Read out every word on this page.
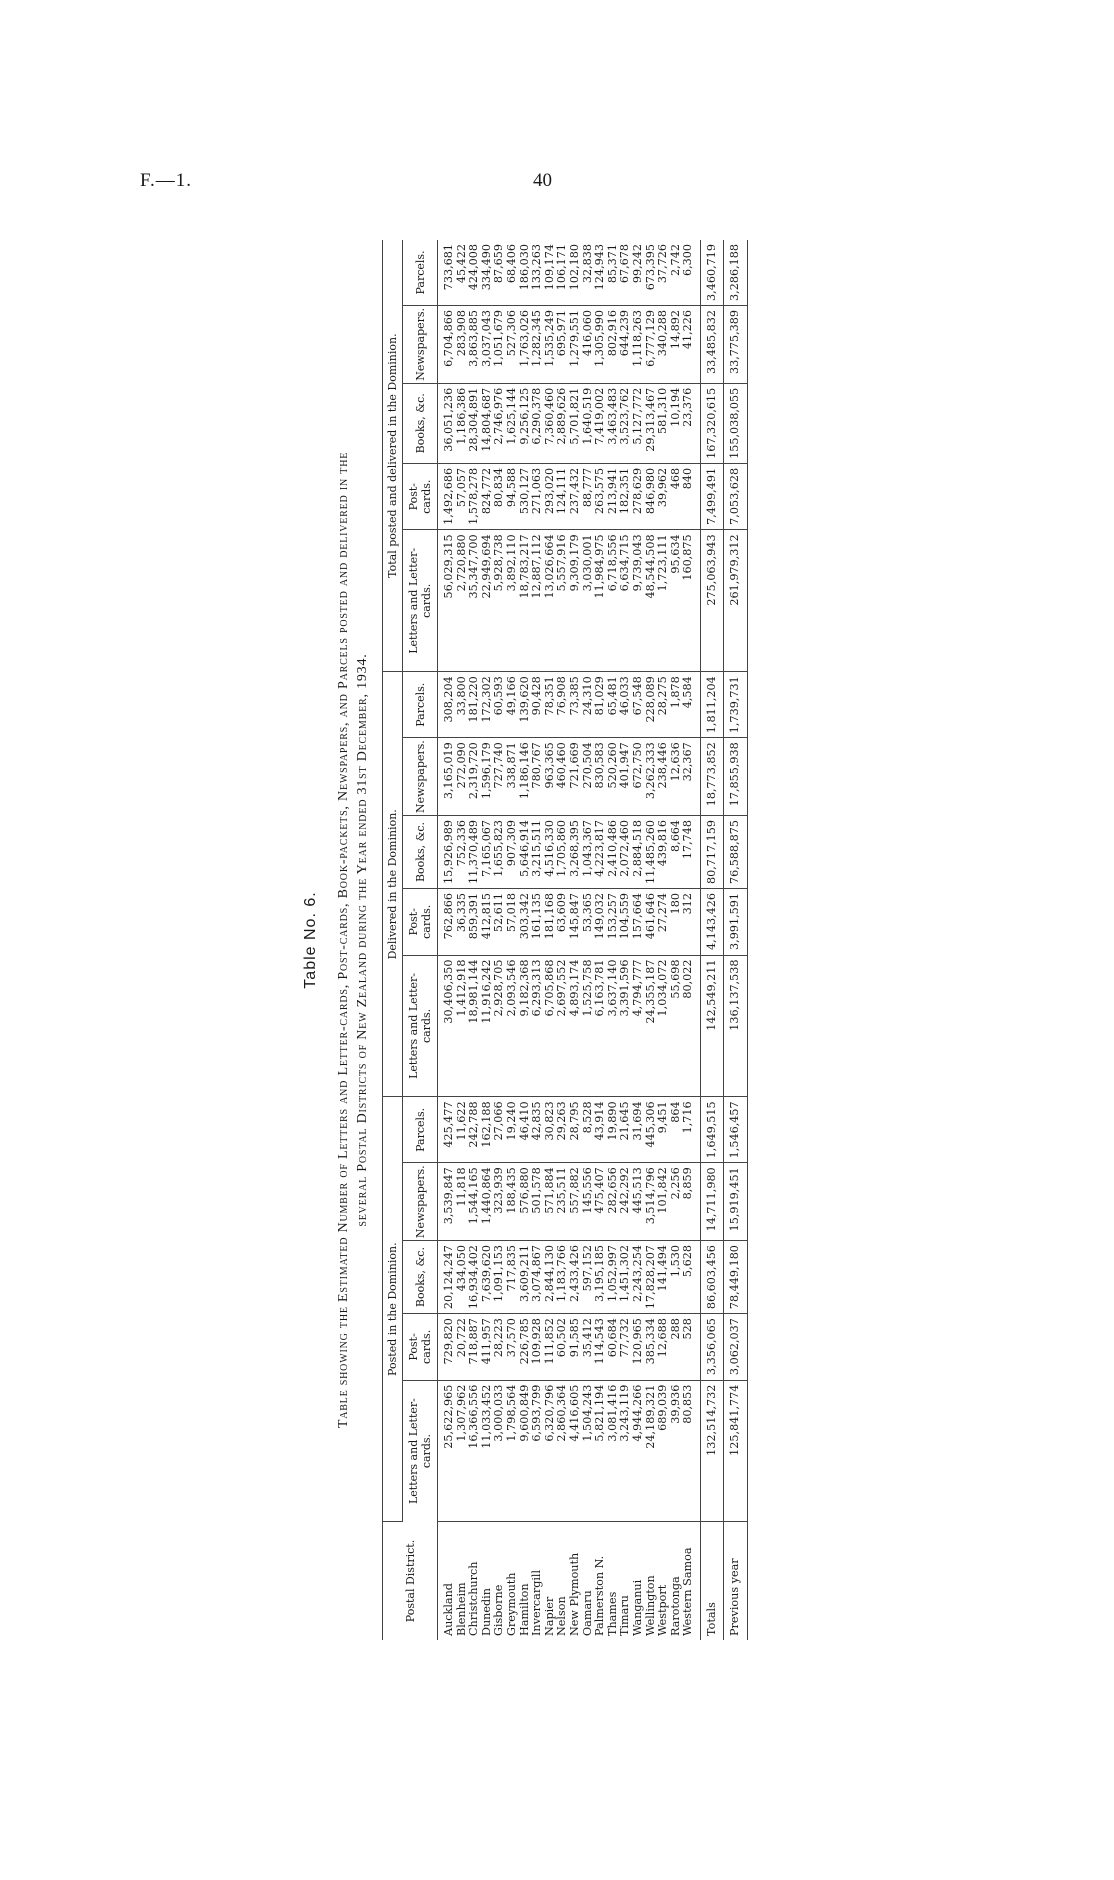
F.—1.	40
Table No. 6.	Table showing the Estimated Number of Letters and Letter-cards, Post-cards, Book-packets, Newspapers, and Parcels posted and delivered in the several Postal Districts of New Zealand during the Year ended 31st December, 1934.
Postal District.	Posted in the Dominion.					Delivered in the Dominion.					Total posted and delivered in the Dominion.				
	Letters and Letter-cards.	Post-cards.	Books, &c.	Newspapers.	Parcels.	Letters and Letter-cards.	Post-cards.	Books, &c.	Newspapers.	Parcels.	Letters and Letter-cards.	Post-cards.	Books, &c.	Newspapers.	Parcels.
Auckland	25,622,965	729,820	20,124,247	3,539,847	425,477	30,406,350	762,866	15,926,989	3,165,019	308,204	56,029,315	1,492,686	36,051,236	6,704,866	733,681
Blenheim	1,307,962	20,722	434,050	11,818	11,622	1,412,918	36,335	752,336	272,090	33,800	2,720,880	57,057	1,186,386	283,908	45,422
Christchurch	16,366,556	718,887	16,934,402	1,544,165	242,788	18,981,144	859,391	11,370,489	2,319,720	181,220	35,347,700	1,578,278	28,304,891	3,863,885	424,008
Dunedin	11,033,452	411,957	7,639,620	1,440,864	162,188	11,916,242	412,815	7,165,067	1,596,179	172,302	22,949,694	824,772	14,804,687	3,037,043	334,490
Gisborne	3,000,033	28,223	1,091,153	323,939	27,066	2,928,705	52,611	1,655,823	727,740	60,593	5,928,738	80,834	2,746,976	1,051,679	87,659
Greymouth	1,798,564	37,570	717,835	188,435	19,240	2,093,546	57,018	907,309	338,871	49,166	3,892,110	94,588	1,625,144	527,306	68,406
Hamilton	9,600,849	226,785	3,609,211	576,880	46,410	9,182,368	303,342	5,646,914	1,186,146	139,620	18,783,217	530,127	9,256,125	1,763,026	186,030
Invercargill	6,593,799	109,928	3,074,867	501,578	42,835	6,293,313	161,135	3,215,511	780,767	90,428	12,887,112	271,063	6,290,378	1,282,345	133,263
Napier	6,320,796	111,852	2,844,130	571,884	30,823	6,705,868	181,168	4,516,330	963,365	78,351	13,026,664	293,020	7,360,460	1,535,249	109,174
Nelson	2,860,364	60,502	1,183,766	235,511	29,263	2,697,552	63,609	1,705,860	460,460	76,908	5,557,916	124,111	2,889,626	695,971	106,171
New Plymouth	4,416,605	91,585	2,433,426	557,882	28,795	4,893,174	145,847	3,268,395	721,669	73,385	9,309,179	237,432	5,701,821	1,279,551	102,180
Oamaru	1,504,243	35,412	597,152	145,556	8,528	1,525,758	53,365	1,043,367	270,504	24,310	3,030,001	88,777	1,640,519	416,060	32,838
Palmerston N.	5,821,194	114,543	3,195,185	475,407	43,914	6,163,781	149,032	4,223,817	830,583	81,029	11,984,975	263,575	7,419,002	1,305,990	124,943
Thames	3,081,416	60,684	1,052,997	282,656	19,890	3,637,140	153,257	2,410,486	520,260	65,481	6,718,556	213,941	3,463,483	802,916	85,371
Timaru	3,243,119	77,732	1,451,302	242,292	21,645	3,391,596	104,559	2,072,460	401,947	46,033	6,634,715	182,351	3,523,762	644,239	67,678
Wanganui	4,944,266	120,965	2,243,254	445,513	31,694	4,794,777	157,664	2,884,518	672,750	67,548	9,739,043	278,629	5,127,772	1,118,263	99,242
Wellington	24,189,321	385,334	17,828,207	3,514,796	445,306	24,355,187	461,646	11,485,260	3,262,333	228,089	48,544,508	846,980	29,313,467	6,777,129	673,395
Westport	689,039	12,688	141,494	101,842	9,451	1,034,072	27,274	439,816	238,446	28,275	1,723,111	39,962	581,310	340,288	37,726
Rarotonga	39,936	288	1,530	2,256	864	55,698	180	8,664	12,636	1,878	95,634	468	10,194	14,892	2,742
Western Samoa	80,853	528	5,628	8,859	1,716	80,022	312	17,748	32,367	4,584	160,875	840	23,376	41,226	6,300
Totals	132,514,732	3,356,065	86,603,456	14,711,980	1,649,515	142,549,211	4,143,426	80,717,159	18,773,852	1,811,204	275,063,943	7,499,491	167,320,615	33,485,832	3,460,719
Previous year	125,841,774	3,062,037	78,449,180	15,919,451	1,546,457	136,137,538	3,991,591	76,588,875	17,855,938	1,739,731	261,979,312	7,053,628	155,038,055	33,775,389	3,286,188
